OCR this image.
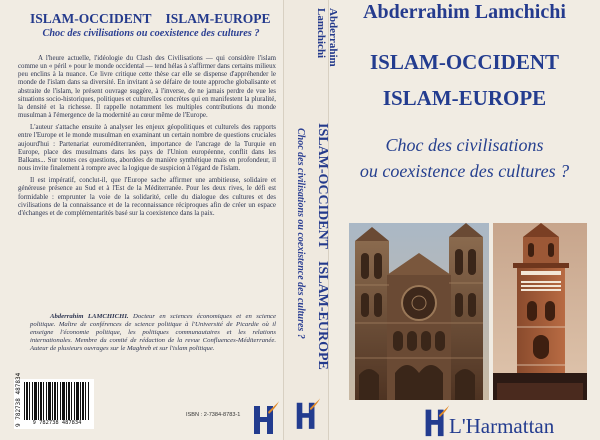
ISLAM-OCCIDENT ISLAM-EUROPE
Choc des civilisations ou coexistence des cultures ?

A l'heure actuelle, l'idéologie du Clash des Civilisations — qui considère l'islam comme un « péril » pour le monde occidental — tend hélas à s'affirmer dans certains milieux peu enclins à la nuance. Ce livre critique cette thèse car elle se dispense d'appréhender le monde de l'islam dans sa diversité. En invitant à se défaire de toute approche globalisante et abstraite de l'islam, le présent ouvrage suggère, à l'inverse, de ne jamais perdre de vue les situations socio-historiques, politiques et culturelles concrètes qui en manifestent la pluralité, la densité et la richesse. Il rappelle notamment les multiples contributions du monde musulman à l'émergence de la modernité au cœur même de l'Europe.

L'auteur s'attache ensuite à analyser les enjeux géopolitiques et culturels des rapports entre l'Europe et le monde musulman en examinant un certain nombre de questions cruciales aujourd'hui : Partenariat euroméditerranéen, importance de l'ancrage de la Turquie en Europe, place des musulmans dans les pays de l'Union européenne, conflit dans les Balkans... Sur toutes ces questions, abordées de manière synthétique mais en profondeur, il nous invite finalement à rompre avec la logique de suspicion à l'égard de l'islam.

Il est impératif, conclut-il, que l'Europe sache affirmer une ambitieuse, solidaire et généreuse présence au Sud et à l'Est de la Méditerranée. Pour les deux rives, le défi est formidable : emprunter la voie de la solidarité, celle du dialogue des cultures et des civilisations de la connaissance et de la reconnaissance réciproques afin de créer un espace d'échanges et de complémentarités basé sur la coexistence dans la paix.

Abderrahim LAMCHICHI. Docteur en sciences économiques et en science politique. Maître de conférences de science politique à l'Université de Picardie où il enseigne l'économie politique, les politiques communautaires et les relations internationales. Membre du comité de rédaction de la revue Confluences-Méditerranée. Auteur de plusieurs ouvrages sur le Maghreb et sur l'islam politique.
9 782738 487834	9 782738 487834
ISBN : 2-7384-8783-1
Abderrahim
Lamchichi
ISLAM-OCCIDENTISLAM-EUROPE
Choc des civilisations ou coexistence des cultures ?
Abderrahim Lamchichi
ISLAM-OCCIDENT
ISLAM-EUROPE
Choc des civilisations
ou coexistence des cultures ?
L'Harmattan
